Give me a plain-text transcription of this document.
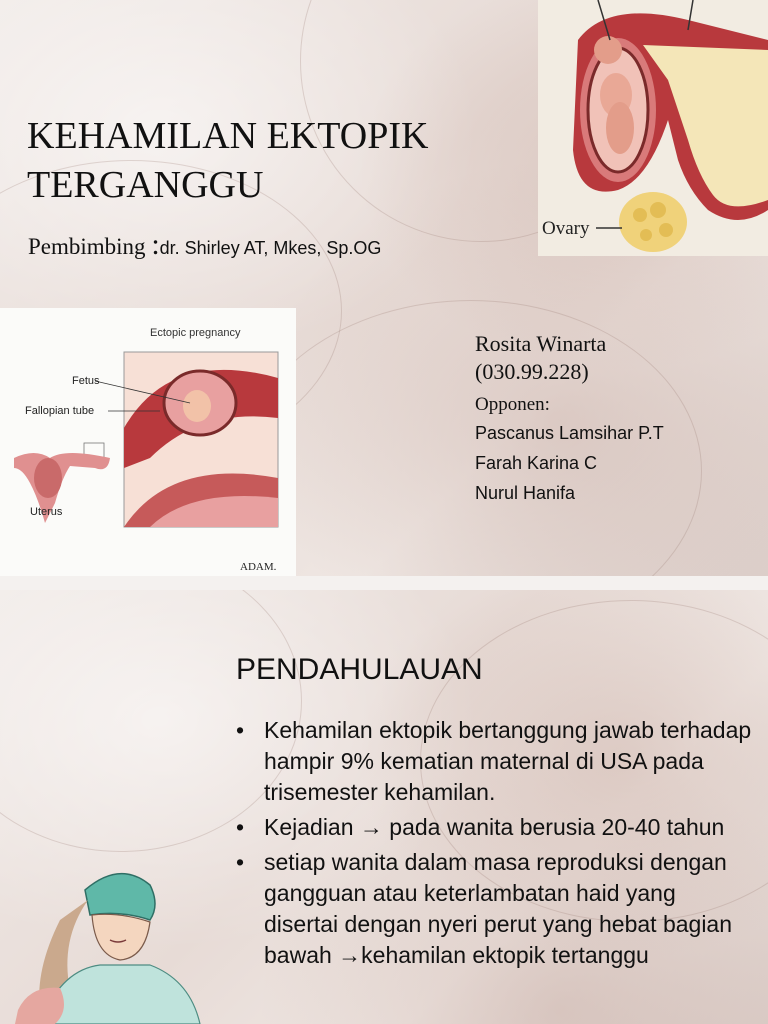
KEHAMILAN EKTOPIK
TERGANGGU
Pembimbing :dr. Shirley AT, Mkes, Sp.OG
Ovary
Ectopic pregnancy
Fetus
Fallopian tube
Uterus
ADAM.
Rosita Winarta
(030.99.228)
Opponen:
Pascanus Lamsihar P.T
Farah Karina C
Nurul Hanifa
PENDAHULAUAN
• Kehamilan ektopik bertanggung jawab terhadap hampir 9% kematian maternal di USA pada trisemester kehamilan.
• Kejadian → pada wanita berusia 20-40 tahun
• setiap wanita dalam masa reproduksi dengan gangguan atau keterlambatan haid yang disertai dengan nyeri perut yang hebat bagian bawah →kehamilan ektopik tertanggu
